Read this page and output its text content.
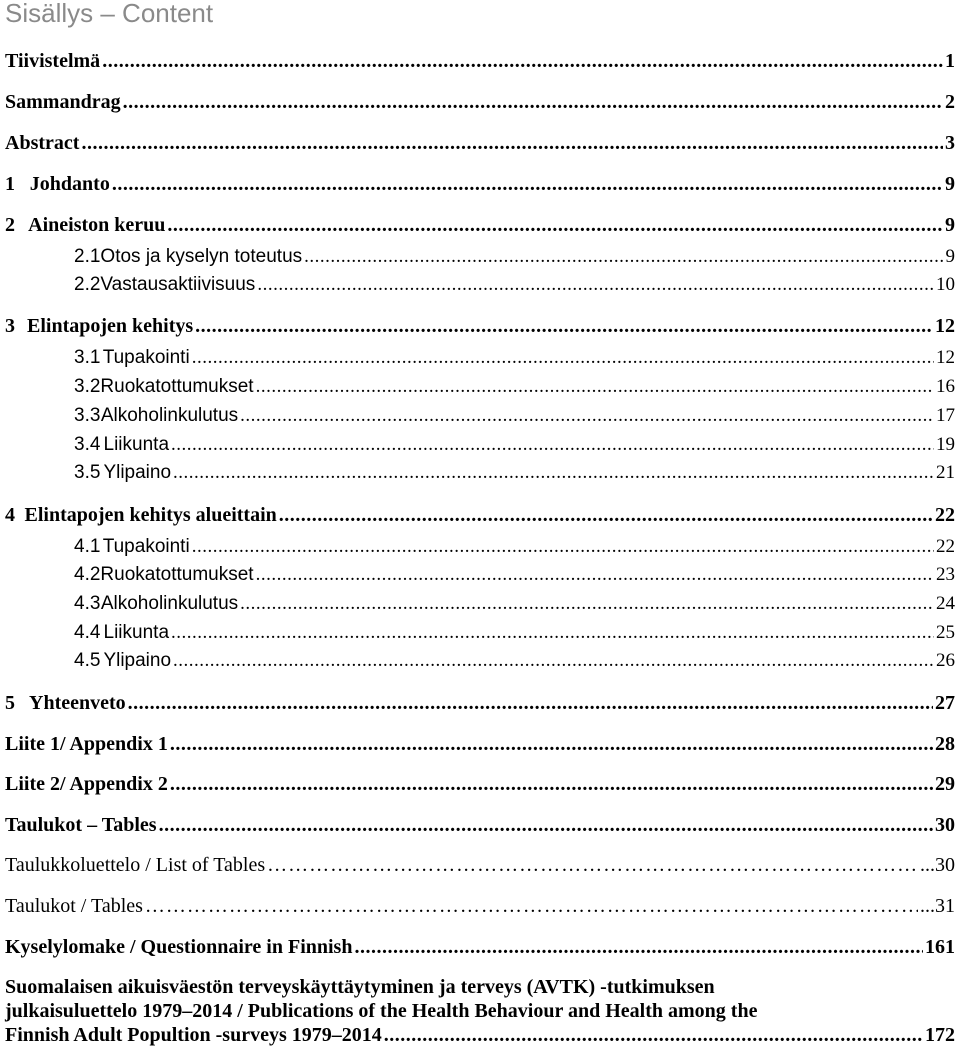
Sisällys – Content
Tiivistelmä .....	1
Sammandrag .....	2
Abstract .....	3
1 Johdanto .....	9
2 Aineiston keruu .....	9
2.1 Otos ja kyselyn toteutus .....	9
2.2 Vastausaktiivisuus .....	10
3 Elintapojen kehitys .....	12
3.1 Tupakointi .....	12
3.2 Ruokatottumukset .....	16
3.3 Alkoholinkulutus .....	17
3.4 Liikunta .....	19
3.5 Ylipaino .....	21
4 Elintapojen kehitys alueittain .....	22
4.1 Tupakointi .....	22
4.2 Ruokatottumukset .....	23
4.3 Alkoholinkulutus .....	24
4.4 Liikunta .....	25
4.5 Ylipaino .....	26
5 Yhteenveto .....	27
Liite 1/ Appendix 1 .....	28
Liite 2/ Appendix 2 .....	29
Taulukot – Tables .....	30
Taulukkoluettelo / List of Tables …………………………………………………………………………………………………………………………………………………………………	...30
Taulukot / Tables …………………………………………………………………………………………………………………………………………………………………	...31
Kyselylomake / Questionnaire in Finnish .....	161
Suomalaisen aikuisväestön terveyskäyttäytyminen ja terveys (AVTK) -tutkimuksen
julkaisuluettelo 1979–2014 / Publications of the Health Behaviour and Health among the
Finnish Adult Popultion -surveys 1979–2014 .....	172
